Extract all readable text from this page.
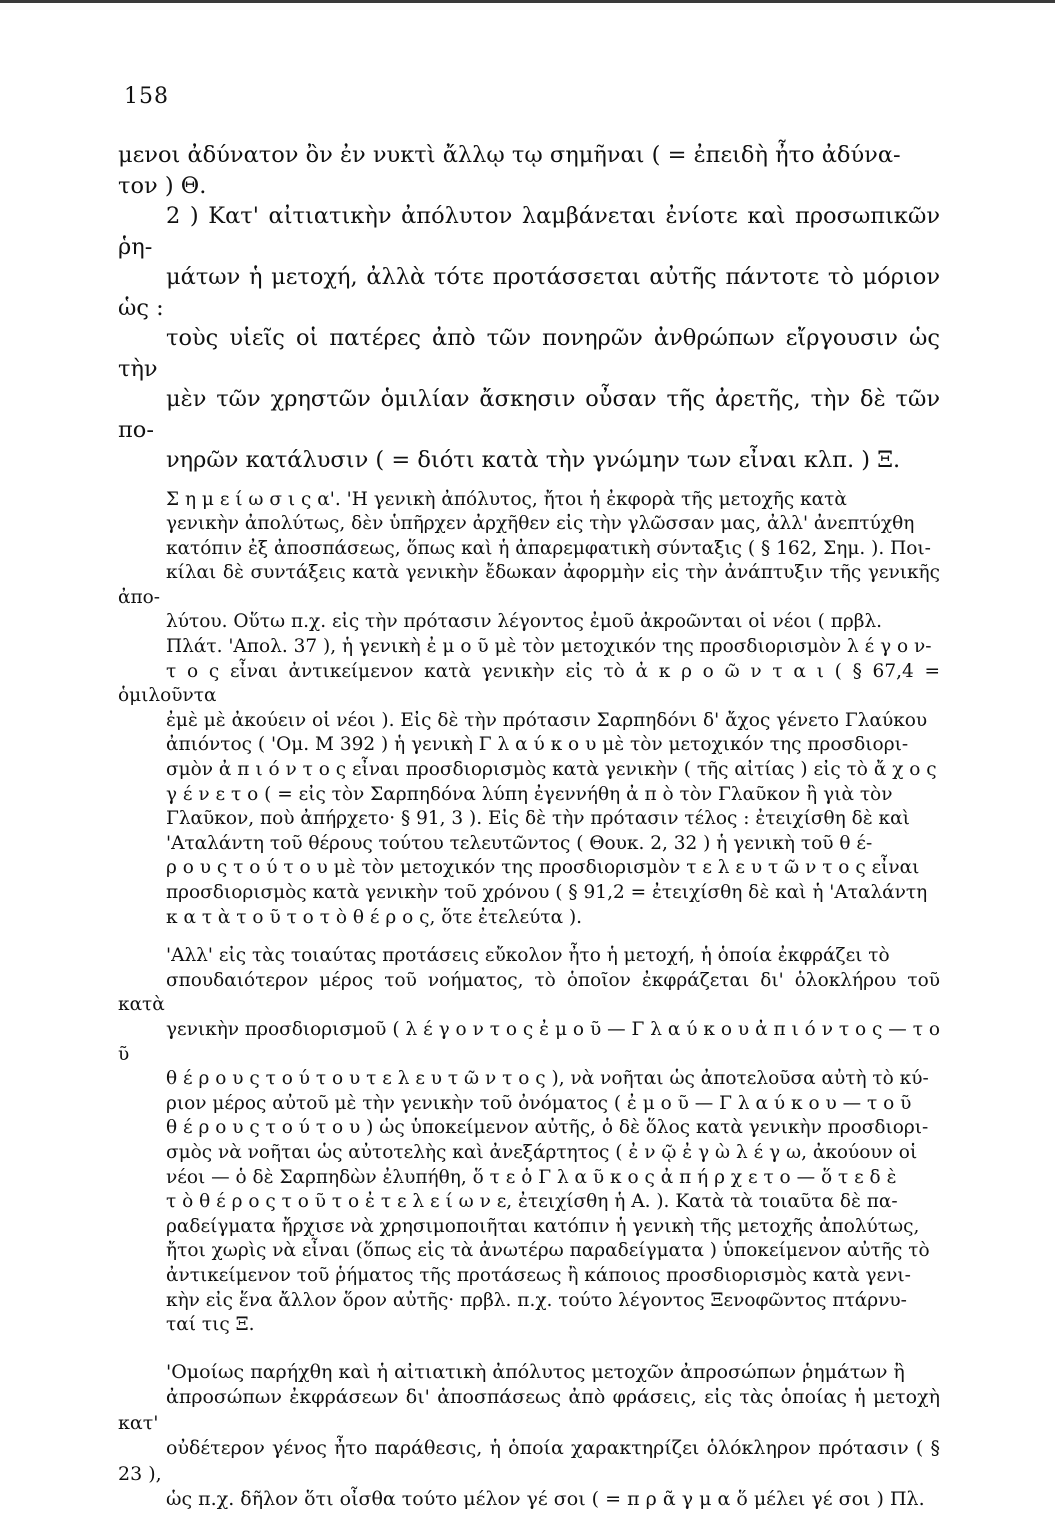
158

μενοι ἀδύνατον ὂν ἐν νυκτὶ ἄλλῳ τῳ σημῆναι ( = ἐπειδὴ ἦτο ἀδύνα-
τον ) Θ.

2 ) Κατ' αἰτιατικὴν ἀπόλυτον λαμβάνεται ἐνίοτε καὶ προσωπικῶν ῥη-
μάτων ἡ μετοχή, ἀλλὰ τότε προτάσσεται αὐτῆς πάντοτε τὸ μόριον ὡς :
τοὺς υἱεῖς οἱ πατέρες ἀπὸ τῶν πονηρῶν ἀνθρώπων εἴργουσιν ὡς τὴν
μὲν τῶν χρηστῶν ὁμιλίαν ἄσκησιν οὖσαν τῆς ἀρετῆς, τὴν δὲ τῶν πο-
νηρῶν κατάλυσιν ( = διότι κατὰ τὴν γνώμην των εἶναι κλπ. ) Ξ.

Σ η μ ε ί ω σ ι ς α'. 'Η γενικὴ ἀπόλυτος, ἤτοι ἡ ἐκφορὰ τῆς μετοχῆς κατὰ
γενικὴν ἀπολύτως, δὲν ὑπῆρχεν ἀρχῆθεν εἰς τὴν γλῶσσαν μας, ἀλλ' ἀνεπτύχθη
κατόπιν ἐξ ἀποσπάσεως, ὅπως καὶ ἡ ἀπαρεμφατικὴ σύνταξις ( § 162, Σημ. ). Ποι-
κίλαι δὲ συντάξεις κατὰ γενικὴν ἔδωκαν ἀφορμὴν εἰς τὴν ἀνάπτυξιν τῆς γενικῆς ἀπο-
λύτου. Οὕτω π.χ. εἰς τὴν πρότασιν λέγοντος ἐμοῦ ἀκροῶνται οἱ νέοι ( πρβλ.
Πλάτ. 'Απολ. 37 ), ἡ γενικὴ ἐ μ ο ῦ μὲ τὸν μετοχικόν της προσδιορισμὸν λ έ γ ο ν-
τ ο ς εἶναι ἀντικείμενον κατὰ γενικὴν εἰς τὸ ἀ κ ρ ο ῶ ν τ α ι ( § 67,4 = ὁμιλοῦντα
ἐμὲ μὲ ἀκούειν οἱ νέοι ). Εἰς δὲ τὴν πρότασιν Σαρπηδόνι δ' ἄχος γένετο Γλαύκου
ἀπιόντος ( 'Ομ. Μ 392 ) ἡ γενικὴ Γ λ α ύ κ ο υ μὲ τὸν μετοχικόν της προσδιορι-
σμὸν ἀ π ι ό ν τ ο ς εἶναι προσδιορισμὸς κατὰ γενικὴν ( τῆς αἰτίας ) εἰς τὸ ἄ χ ο ς
γ έ ν ε τ ο ( = εἰς τὸν Σαρπηδόνα λύπη ἐγεννήθη ἀ π ὸ τὸν Γλαῦκον ἢ γιὰ τὸν
Γλαῦκον, ποὺ ἀπήρχετο· § 91, 3 ). Εἰς δὲ τὴν πρότασιν τέλος : ἐτειχίσθη δὲ καὶ
'Αταλάντη τοῦ θέρους τούτου τελευτῶντος ( Θουκ. 2, 32 ) ἡ γενικὴ τοῦ θ έ-
ρ ο υ ς τ ο ύ τ ο υ μὲ τὸν μετοχικόν της προσδιορισμὸν τ ε λ ε υ τ ῶ ν τ ο ς εἶναι
προσδιορισμὸς κατὰ γενικὴν τοῦ χρόνου ( § 91,2 = ἐτειχίσθη δὲ καὶ ἡ 'Αταλάντη
κ α τ ὰ τ ο ῦ τ ο τ ὸ θ έ ρ ο ς, ὅτε ἐτελεύτα ).

'Αλλ' εἰς τὰς τοιαύτας προτάσεις εὔκολον ἦτο ἡ μετοχή, ἡ ὁποία ἐκφράζει τὸ
σπουδαιότερον μέρος τοῦ νοήματος, τὸ ὁποῖον ἐκφράζεται δι' ὁλοκλήρου τοῦ κατὰ
γενικὴν προσδιορισμοῦ ( λ έ γ ο ν τ ο ς ἐ μ ο ῦ — Γ λ α ύ κ ο υ ἀ π ι ό ν τ ο ς — τ ο ῦ
θ έ ρ ο υ ς τ ο ύ τ ο υ τ ε λ ε υ τ ῶ ν τ ο ς ), νὰ νοῆται ὡς ἀποτελοῦσα αὐτὴ τὸ κύ-
ριον μέρος αὐτοῦ μὲ τὴν γενικὴν τοῦ ὀνόματος ( ἐ μ ο ῦ — Γ λ α ύ κ ο υ — τ ο ῦ
θ έ ρ ο υ ς τ ο ύ τ ο υ ) ὡς ὑποκείμενον αὐτῆς, ὁ δὲ ὅλος κατὰ γενικὴν προσδιορι-
σμὸς νὰ νοῆται ὡς αὐτοτελὴς καὶ ἀνεξάρτητος ( ἐ ν ῷ ἐ γ ὼ λ έ γ ω, ἀκούουν οἱ
νέοι — ὁ δὲ Σαρπηδὼν ἐλυπήθη, ὅ τ ε ὁ Γ λ α ῦ κ ο ς ἀ π ή ρ χ ε τ ο — ὅ τ ε δ ὲ
τ ὸ θ έ ρ ο ς τ ο ῦ τ ο ἐ τ ε λ ε ί ω ν ε, ἐτειχίσθη ἡ Α. ). Κατὰ τὰ τοιαῦτα δὲ πα-
ραδείγματα ἤρχισε νὰ χρησιμοποιῆται κατόπιν ἡ γενικὴ τῆς μετοχῆς ἀπολύτως,
ἤτοι χωρὶς νὰ εἶναι (ὅπως εἰς τὰ ἀνωτέρω παραδείγματα ) ὑποκείμενον αὐτῆς τὸ
ἀντικείμενον τοῦ ῥήματος τῆς προτάσεως ἢ κάποιος προσδιορισμὸς κατὰ γενι-
κὴν εἰς ἕνα ἄλλον ὅρον αὐτῆς· πρβλ. π.χ. τούτο λέγοντος Ξενοφῶντος πτάρνυ-
ταί τις Ξ.

'Ομοίως παρήχθη καὶ ἡ αἰτιατικὴ ἀπόλυτος μετοχῶν ἀπροσώπων ῥημάτων ἢ
ἀπροσώπων ἐκφράσεων δι' ἀποσπάσεως ἀπὸ φράσεις, εἰς τὰς ὁποίας ἡ μετοχὴ κατ'
οὐδέτερον γένος ἦτο παράθεσις, ἡ ὁποία χαρακτηρίζει ὁλόκληρον πρότασιν ( § 23 ),
ὡς π.χ. δῆλον ὅτι οἶσθα τούτο μέλον γέ σοι ( = π ρ ᾶ γ μ α ὅ μέλει γέ σοι ) Πλ.
